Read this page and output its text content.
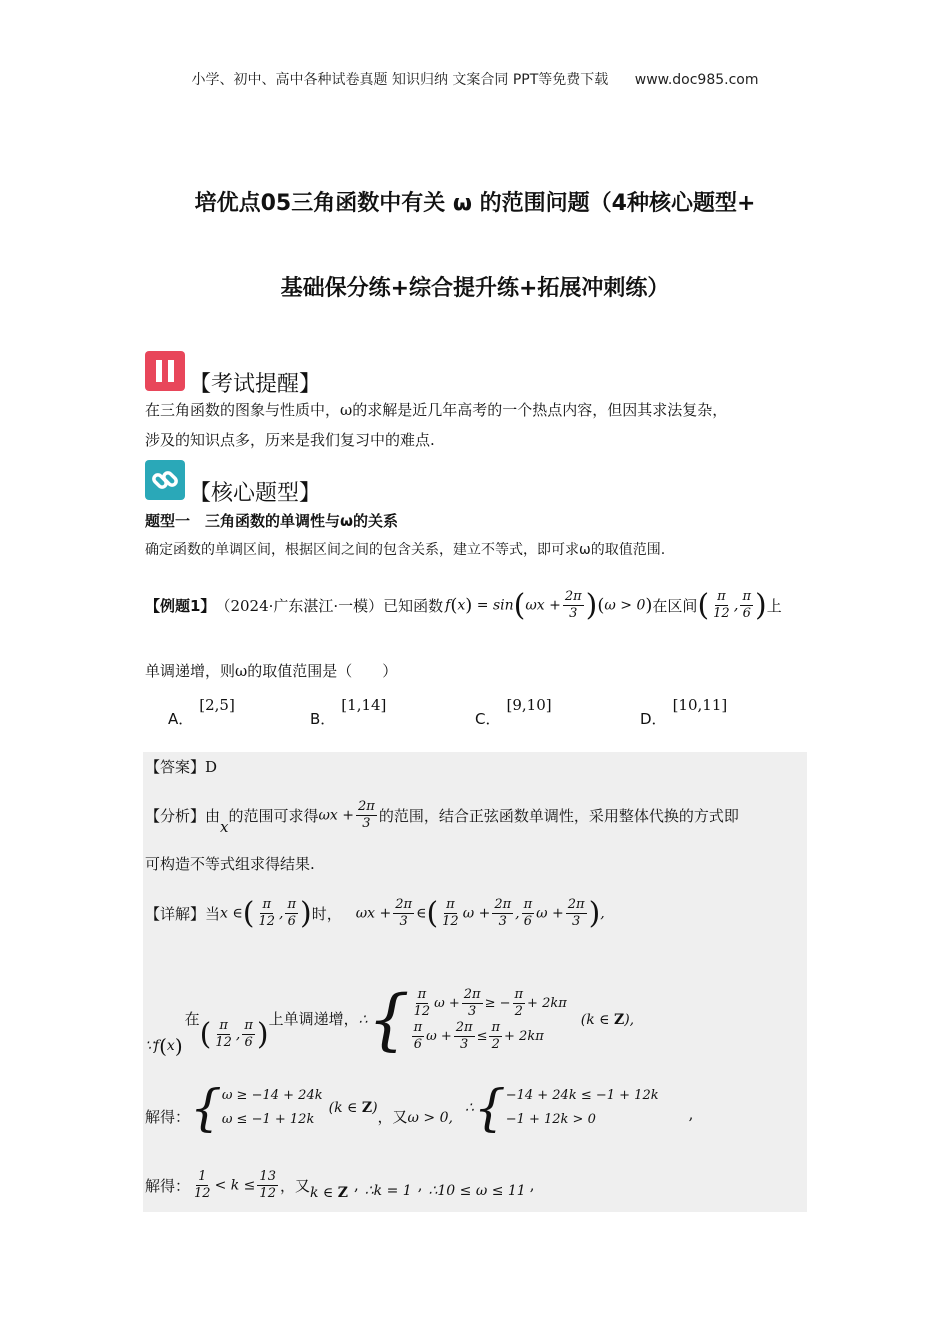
小学、初中、高中各种试卷真题 知识归纳 文案合同 PPT等免费下载 www.doc985.com
培优点05三角函数中有关 ω 的范围问题（4种核心题型+
基础保分练+综合提升练+拓展冲刺练）
【考试提醒】
在三角函数的图象与性质中，ω的求解是近几年高考的一个热点内容，但因其求法复杂，
涉及的知识点多，历来是我们复习中的难点.
【核心题型】
题型一　三角函数的单调性与ω的关系
确定函数的单调区间，根据区间之间的包含关系，建立不等式，即可求ω的取值范围.
【例题1】 （2024·广东湛江·一模）已知函数 $f(x) = \sin(\omega x + \frac{2\pi}{3} )(\omega > 0)$ 在区间 ( $\frac{\pi}{12}$ , $\frac{\pi}{6}$ ) 上
单调递增，则ω的取值范围是（　　）
A．[2,5]
B．[1,14]
C．[9,10]
D．[10,11]
【答案】D
【分析】由
x
的范围可求得 $\omega x + \frac{2\pi}{3}$ 的范围，结合正弦函数单调性，采用整体代换的方式即
可构造不等式组求得结果.
【详解】当 x ∈( $\frac{\pi}{12}$ , $\frac{\pi}{6}$ ) 时， $\omega x + \frac{2\pi}{3}$ ∈( $\frac{\pi}{12}$ $\omega + \frac{2\pi}{3}$ , $\frac{\pi}{6}$ $\omega + \frac{2\pi}{3}$ ),
∵f(x)
在 ( $\frac{\pi}{12}$ , $\frac{\pi}{6}$ ) 上单调递增， ∴ { $\frac{\pi}{12}$ $\omega + \frac{2\pi}{3}$ ≥ − $\frac{\pi}{2} + 2k\pi$
$\frac{\pi}{6}$ $\omega + \frac{2\pi}{3} \le \frac{\pi}{2} + 2k\pi$
(k ∈ Z),
解得： { ω ≥ −14 + 24k
ω ≤ −1 + 12k
(k ∈ Z) ，又 ω > 0,
∴ { −14 + 24k ≤ −1 + 12k
−1 + 12k > 0	,
解得： $\frac{1}{12} < k \le \frac{13}{12}$ ，又 k ∈ Z , ∴k = 1 , ∴10 ≤ ω ≤ 11 ,
